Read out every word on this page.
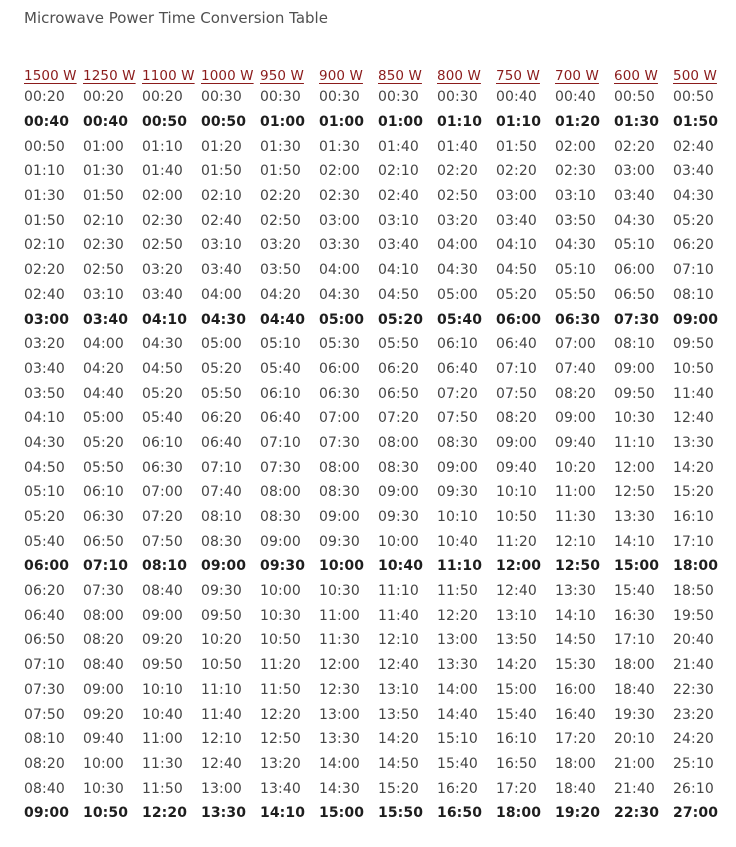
Microwave Power Time Conversion Table
1500 W 1250 W 1100 W 1000 W 950 W	900 W	850 W	800 W	750 W	700 W	600 W	500 W
00:20	00:20	00:20	00:30	00:30	00:30	00:30	00:30	00:40	00:40	00:50	00:50
00:40 00:40 00:50 00:50 01:00 01:00 01:00 01:10 01:10 01:20 01:30 01:50
00:50	01:00	01:10	01:20	01:30	01:30	01:40	01:40	01:50	02:00	02:20	02:40
01:10	01:30	01:40	01:50	01:50	02:00	02:10	02:20	02:20	02:30	03:00	03:40
01:30	01:50	02:00	02:10	02:20	02:30	02:40	02:50	03:00	03:10	03:40	04:30
01:50	02:10	02:30	02:40	02:50	03:00	03:10	03:20	03:40	03:50	04:30	05:20
02:10	02:30	02:50	03:10	03:20	03:30	03:40	04:00	04:10	04:30	05:10	06:20
02:20	02:50	03:20	03:40	03:50	04:00	04:10	04:30	04:50	05:10	06:00	07:10
02:40	03:10	03:40	04:00	04:20	04:30	04:50	05:00	05:20	05:50	06:50	08:10
03:00 03:40 04:10 04:30 04:40 05:00 05:20 05:40 06:00 06:30 07:30 09:00
03:20	04:00	04:30	05:00	05:10	05:30	05:50	06:10	06:40	07:00	08:10	09:50
03:40	04:20	04:50	05:20	05:40	06:00	06:20	06:40	07:10	07:40	09:00	10:50
03:50	04:40	05:20	05:50	06:10	06:30	06:50	07:20	07:50	08:20	09:50	11:40
04:10	05:00	05:40	06:20	06:40	07:00	07:20	07:50	08:20	09:00	10:30	12:40
04:30	05:20	06:10	06:40	07:10	07:30	08:00	08:30	09:00	09:40	11:10	13:30
04:50	05:50	06:30	07:10	07:30	08:00	08:30	09:00	09:40	10:20	12:00	14:20
05:10	06:10	07:00	07:40	08:00	08:30	09:00	09:30	10:10	11:00	12:50	15:20
05:20	06:30	07:20	08:10	08:30	09:00	09:30	10:10	10:50	11:30	13:30	16:10
05:40	06:50	07:50	08:30	09:00	09:30	10:00	10:40	11:20	12:10	14:10	17:10
06:00 07:10 08:10 09:00 09:30 10:00 10:40 11:10 12:00 12:50 15:00 18:00
06:20	07:30	08:40	09:30	10:00	10:30	11:10	11:50	12:40	13:30	15:40	18:50
06:40	08:00	09:00	09:50	10:30	11:00	11:40	12:20	13:10	14:10	16:30	19:50
06:50	08:20	09:20	10:20	10:50	11:30	12:10	13:00	13:50	14:50	17:10	20:40
07:10	08:40	09:50	10:50	11:20	12:00	12:40	13:30	14:20	15:30	18:00	21:40
07:30	09:00	10:10	11:10	11:50	12:30	13:10	14:00	15:00	16:00	18:40	22:30
07:50	09:20	10:40	11:40	12:20	13:00	13:50	14:40	15:40	16:40	19:30	23:20
08:10	09:40	11:00	12:10	12:50	13:30	14:20	15:10	16:10	17:20	20:10	24:20
08:20	10:00	11:30	12:40	13:20	14:00	14:50	15:40	16:50	18:00	21:00	25:10
08:40	10:30	11:50	13:00	13:40	14:30	15:20	16:20	17:20	18:40	21:40	26:10
09:00 10:50 12:20 13:30 14:10 15:00 15:50 16:50 18:00 19:20 22:30 27:00
